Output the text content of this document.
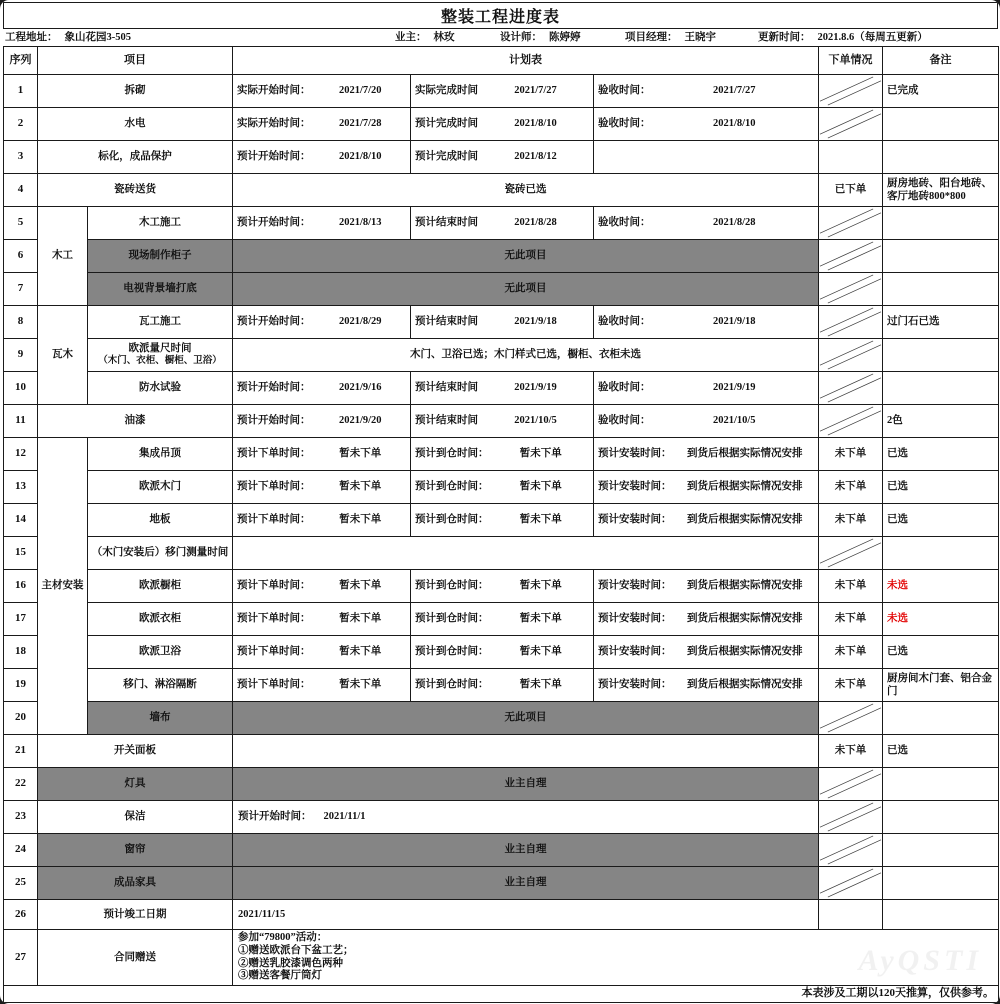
整装工程进度表
工程地址： 象山花园3-505	业主： 林玫	设计师： 陈婷婷	项目经理： 王晓宇	更新时间： 2021.8.6（每周五更新）
序列	项目		计划表			下单情况	备注
1	拆砌		实际开始时间： 2021/7/20	实际完成时间 2021/7/27	验收时间： 2021/7/27		已完成
2	水电		实际开始时间： 2021/7/28	预计完成时间 2021/8/10	验收时间： 2021/8/10

3	标化，成品保护		预计开始时间： 2021/8/10	预计完成时间 2021/8/12			

4	瓷砖送货		瓷砖已选			已下单	厨房地砖、阳台地砖、客厅地砖800*800
5	木工	木工施工	预计开始时间： 2021/8/13	预计结束时间 2021/8/28	验收时间： 2021/8/28

6		现场制作柜子	无此项目	

7		电视背景墙打底	无此项目	

8	瓦木	瓦工施工	预计开始时间： 2021/8/29	预计结束时间 2021/9/18	验收时间： 2021/9/18		过门石已选
9		欧派量尺时间
（木门、衣柜、橱柜、卫浴）	木门、卫浴已选；木门样式已选，橱柜、衣柜未选	

10		防水试验	预计开始时间： 2021/9/16	预计结束时间 2021/9/19	验收时间： 2021/9/19

11	油漆		预计开始时间： 2021/9/20	预计结束时间 2021/10/5	验收时间： 2021/10/5		2色
12	主材安装	集成吊顶	预计下单时间： 暂未下单	预计到仓时间： 暂未下单	预计安装时间： 到货后根据实际情况安排	未下单	已选
13		欧派木门	预计下单时间： 暂未下单	预计到仓时间： 暂未下单	预计安装时间： 到货后根据实际情况安排	未下单	已选
14		地板	预计下单时间： 暂未下单	预计到仓时间： 暂未下单	预计安装时间： 到货后根据实际情况安排	未下单	已选
15		（木门安装后）移门测量时间		

16		欧派橱柜	预计下单时间： 暂未下单	预计到仓时间： 暂未下单	预计安装时间： 到货后根据实际情况安排	未下单	未选
17		欧派衣柜	预计下单时间： 暂未下单	预计到仓时间： 暂未下单	预计安装时间： 到货后根据实际情况安排	未下单	未选
18		欧派卫浴	预计下单时间： 暂未下单	预计到仓时间： 暂未下单	预计安装时间： 到货后根据实际情况安排	未下单	已选
19		移门、淋浴隔断	预计下单时间： 暂未下单	预计到仓时间： 暂未下单	预计安装时间： 到货后根据实际情况安排	未下单	厨房间木门套、铝合金门
20		墙布	无此项目	

21	开关面板					未下单	已选
22	灯具		业主自理	

23	保洁		预计开始时间： 2021/11/1	

24	窗帘		业主自理	

25	成品家具		业主自理	

26	预计竣工日期		2021/11/15				
27	合同赠送		参加“79800”活动：
①赠送欧派台下盆工艺；
②赠送乳胶漆调色两种
③赠送客餐厅筒灯				

本表涉及工期以120天推算，仅供参考。							
AyQSTI
